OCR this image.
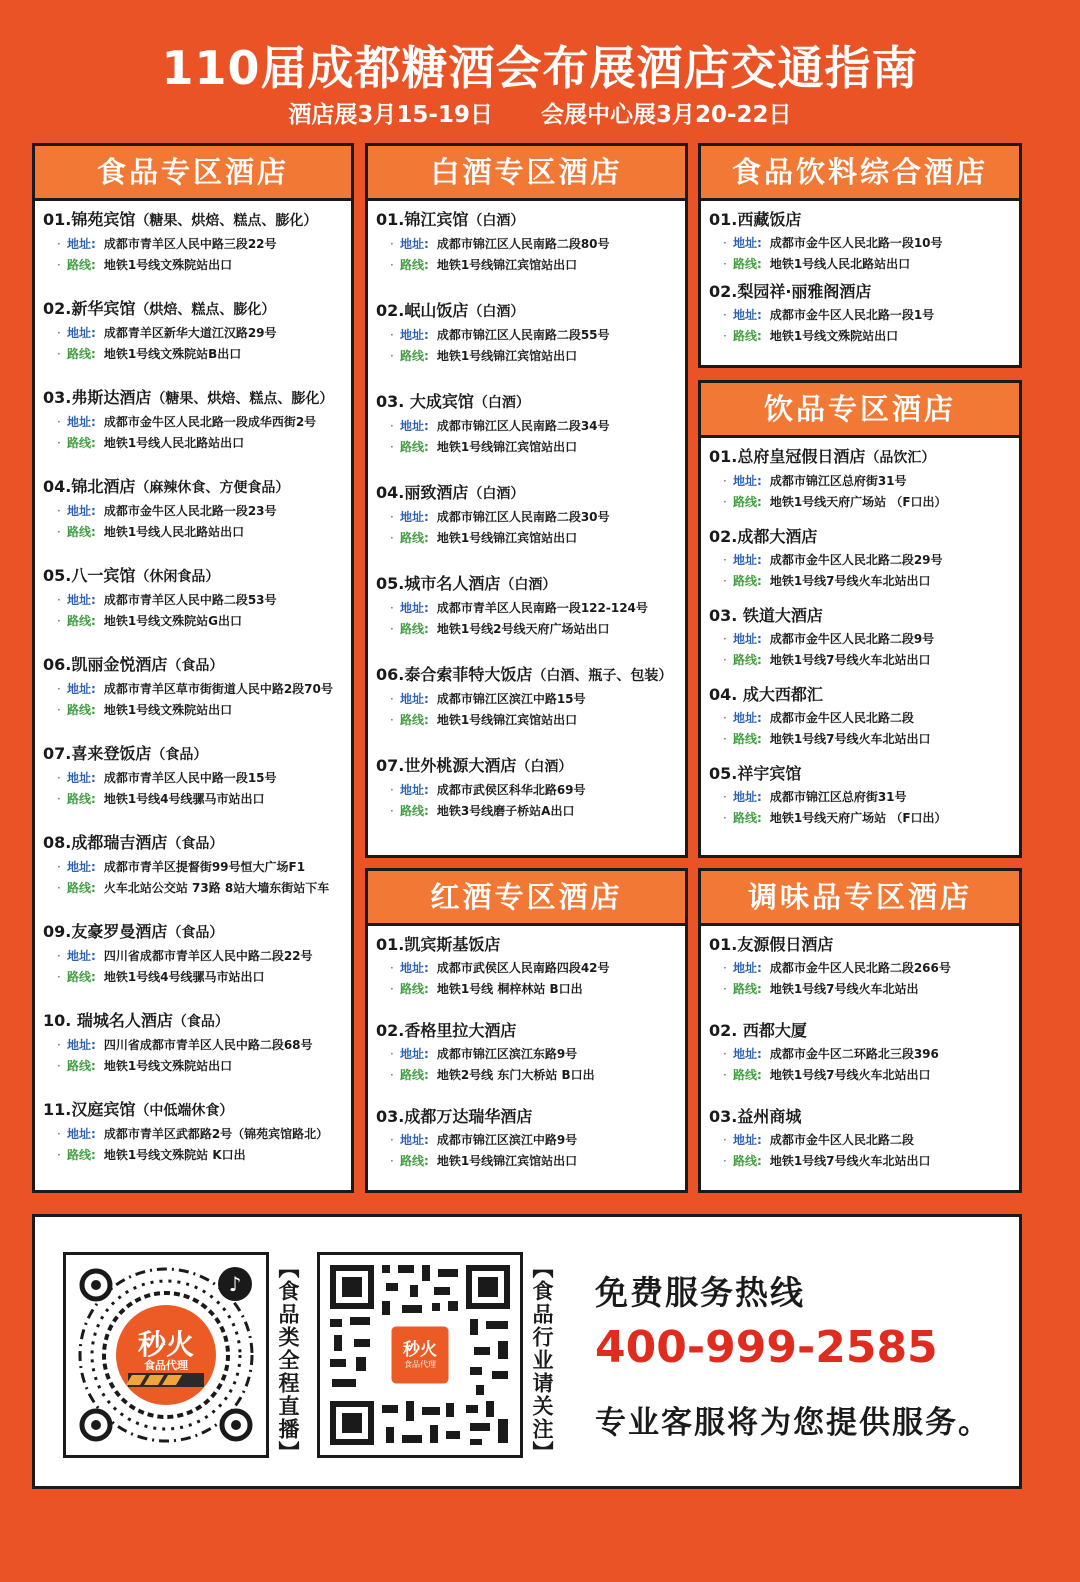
110届成都糖酒会布展酒店交通指南
酒店展3月15-19日 会展中心展3月20-22日
食品专区酒店
01.锦苑宾馆（糖果、烘焙、糕点、膨化）
· 地址: 成都市青羊区人民中路三段22号
· 路线: 地铁1号线文殊院站出口
02.新华宾馆（烘焙、糕点、膨化）
· 地址: 成都青羊区新华大道江汉路29号
· 路线: 地铁1号线文殊院站B出口
03.弗斯达酒店（糖果、烘焙、糕点、膨化）
· 地址: 成都市金牛区人民北路一段成华西街2号
· 路线: 地铁1号线人民北路站出口
04.锦北酒店（麻辣休食、方便食品）
· 地址: 成都市金牛区人民北路一段23号
· 路线: 地铁1号线人民北路站出口
05.八一宾馆（休闲食品）
· 地址: 成都市青羊区人民中路二段53号
· 路线: 地铁1号线文殊院站G出口
06.凯丽金悦酒店（食品）
· 地址: 成都市青羊区草市街街道人民中路2段70号
· 路线: 地铁1号线文殊院站出口
07.喜来登饭店（食品）
· 地址: 成都市青羊区人民中路一段15号
· 路线: 地铁1号线4号线骡马市站出口
08.成都瑞吉酒店（食品）
· 地址: 成都市青羊区提督街99号恒大广场F1
· 路线: 火车北站公交站 73路 8站大墙东街站下车
09.友豪罗曼酒店（食品）
· 地址: 四川省成都市青羊区人民中路二段22号
· 路线: 地铁1号线4号线骡马市站出口
10. 瑞城名人酒店（食品）
· 地址: 四川省成都市青羊区人民中路二段68号
· 路线: 地铁1号线文殊院站出口
11.汉庭宾馆（中低端休食）
· 地址: 成都市青羊区武都路2号（锦苑宾馆路北）
· 路线: 地铁1号线文殊院站 K口出
白酒专区酒店
01.锦江宾馆（白酒）
· 地址: 成都市锦江区人民南路二段80号
· 路线: 地铁1号线锦江宾馆站出口
02.岷山饭店（白酒）
· 地址: 成都市锦江区人民南路二段55号
· 路线: 地铁1号线锦江宾馆站出口
03. 大成宾馆（白酒）
· 地址: 成都市锦江区人民南路二段34号
· 路线: 地铁1号线锦江宾馆站出口
04.丽致酒店（白酒）
· 地址: 成都市锦江区人民南路二段30号
· 路线: 地铁1号线锦江宾馆站出口
05.城市名人酒店（白酒）
· 地址: 成都市青羊区人民南路一段122-124号
· 路线: 地铁1号线2号线天府广场站出口
06.泰合索菲特大饭店（白酒、瓶子、包装）
· 地址: 成都市锦江区滨江中路15号
· 路线: 地铁1号线锦江宾馆站出口
07.世外桃源大酒店（白酒）
· 地址: 成都市武侯区科华北路69号
· 路线: 地铁3号线磨子桥站A出口
食品饮料综合酒店
01.西藏饭店
· 地址: 成都市金牛区人民北路一段10号
· 路线: 地铁1号线人民北路站出口
02.梨园祥·丽雅阁酒店
· 地址: 成都市金牛区人民北路一段1号
· 路线: 地铁1号线文殊院站出口
饮品专区酒店
01.总府皇冠假日酒店（品饮汇）
· 地址: 成都市锦江区总府街31号
· 路线: 地铁1号线天府广场站 （F口出）
02.成都大酒店
· 地址: 成都市金牛区人民北路二段29号
· 路线: 地铁1号线7号线火车北站出口
03. 铁道大酒店
· 地址: 成都市金牛区人民北路二段9号
· 路线: 地铁1号线7号线火车北站出口
04. 成大西都汇
· 地址: 成都市金牛区人民北路二段
· 路线: 地铁1号线7号线火车北站出口
05.祥宇宾馆
· 地址: 成都市锦江区总府街31号
· 路线: 地铁1号线天府广场站 （F口出）
红酒专区酒店
01.凯宾斯基饭店
· 地址: 成都市武侯区人民南路四段42号
· 路线: 地铁1号线 桐梓林站 B口出
02.香格里拉大酒店
· 地址: 成都市锦江区滨江东路9号
· 路线: 地铁2号线 东门大桥站 B口出
03.成都万达瑞华酒店
· 地址: 成都市锦江区滨江中路9号
· 路线: 地铁1号线锦江宾馆站出口
调味品专区酒店
01.友源假日酒店
· 地址: 成都市金牛区人民北路二段266号
· 路线: 地铁1号线7号线火车北站出
02. 西都大厦
· 地址: 成都市金牛区二环路北三段396
· 路线: 地铁1号线7号线火车北站出口
03.益州商城
· 地址: 成都市金牛区人民北路二段
· 路线: 地铁1号线7号线火车北站出口
秒火
食品代理
♪	【食品类全程直播】	秒火
食品代理	【食品行业请关注】 免费服务热线
400-999-2585
专业客服将为您提供服务。
